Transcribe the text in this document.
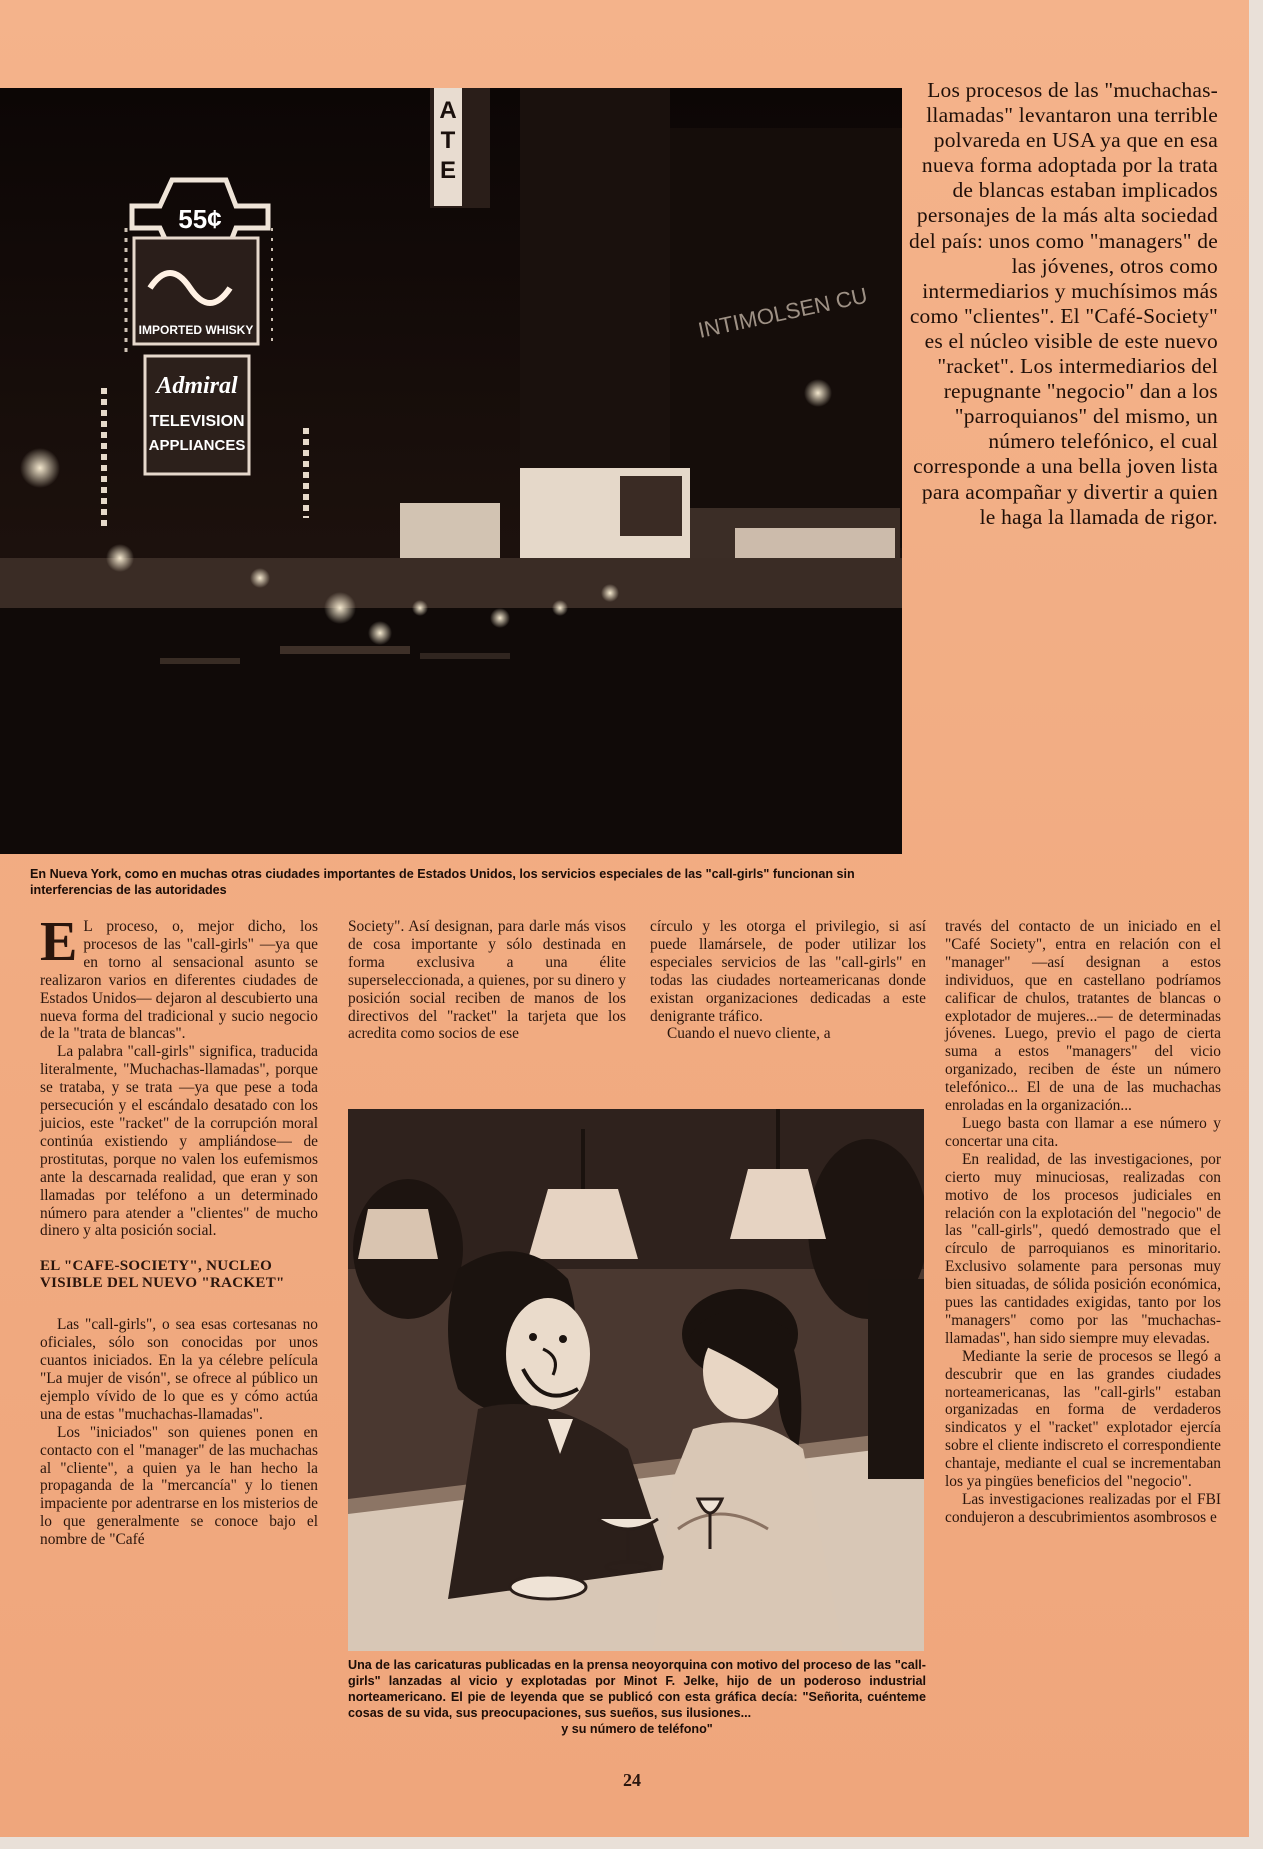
A
T
E
55¢
IMPORTED WHISKY
Admiral
TELEVISION
APPLIANCES
INTIMOLSEN CU
Los procesos de las "muchachas-llamadas" levantaron una terrible polvareda en USA ya que en esa nueva forma adoptada por la trata de blancas estaban implicados personajes de la más alta sociedad del país: unos como "managers" de las jóvenes, otros como intermediarios y muchísimos más como "clientes". El "Café-Society" es el núcleo visible de este nuevo "racket". Los intermediarios del repugnante "negocio" dan a los "parroquianos" del mismo, un número telefónico, el cual corresponde a una bella joven lista para acompañar y divertir a quien le haga la llamada de rigor.
En Nueva York, como en muchas otras ciudades importantes de Estados Unidos, los servicios especiales de las "call-girls" funcionan sin interferencias de las autoridades

E L proceso, o, mejor dicho, los procesos de las "call-girls" —ya que en torno al sensacional asunto se realizaron varios en diferentes ciudades de Estados Unidos— dejaron al descubierto una nueva forma del tradicional y sucio negocio de la "trata de blancas".

La palabra "call-girls" significa, traducida literalmente, "Muchachas-llamadas", porque se trataba, y se trata —ya que pese a toda persecución y el escándalo desatado con los juicios, este "racket" de la corrupción moral continúa existiendo y ampliándose— de prostitutas, porque no valen los eufemismos ante la descarnada realidad, que eran y son llamadas por teléfono a un determinado número para atender a "clientes" de mucho dinero y alta posición social.

EL "CAFE-SOCIETY", NUCLEO VISIBLE DEL NUEVO "RACKET"

Las "call-girls", o sea esas cortesanas no oficiales, sólo son conocidas por unos cuantos iniciados. En la ya célebre película "La mujer de visón", se ofrece al público un ejemplo vívido de lo que es y cómo actúa una de estas "muchachas-llamadas".

Los "iniciados" son quienes ponen en contacto con el "manager" de las muchachas al "cliente", a quien ya le han hecho la propaganda de la "mercancía" y lo tienen impaciente por adentrarse en los misterios de lo que generalmente se conoce bajo el nombre de "Café

Society". Así designan, para darle más visos de cosa importante y sólo destinada en forma exclusiva a una élite superseleccionada, a quienes, por su dinero y posición social reciben de manos de los directivos del "racket" la tarjeta que los acredita como socios de ese

círculo y les otorga el privilegio, si así puede llamársele, de poder utilizar los especiales servicios de las "call-girls" en todas las ciudades norteamericanas donde existan organizaciones dedicadas a este denigrante tráfico.

Cuando el nuevo cliente, a

través del contacto de un iniciado en el "Café Society", entra en relación con el "manager" —así designan a estos individuos, que en castellano podríamos calificar de chulos, tratantes de blancas o explotador de mujeres...— de determinadas jóvenes. Luego, previo el pago de cierta suma a estos "managers" del vicio organizado, reciben de éste un número telefónico... El de una de las muchachas enroladas en la organización...

Luego basta con llamar a ese número y concertar una cita.

En realidad, de las investigaciones, por cierto muy minuciosas, realizadas con motivo de los procesos judiciales en relación con la explotación del "negocio" de las "call-girls", quedó demostrado que el círculo de parroquianos es minoritario. Exclusivo solamente para personas muy bien situadas, de sólida posición económica, pues las cantidades exigidas, tanto por los "managers" como por las "muchachas-llamadas", han sido siempre muy elevadas.

Mediante la serie de procesos se llegó a descubrir que en las grandes ciudades norteamericanas, las "call-girls" estaban organizadas en forma de verdaderos sindicatos y el "racket" explotador ejercía sobre el cliente indiscreto el correspondiente chantaje, mediante el cual se incrementaban los ya pingües beneficios del "negocio".

Las investigaciones realizadas por el FBI condujeron a descubrimientos asombrosos e

Una de las caricaturas publicadas en la prensa neoyorquina con motivo del proceso de las "call-girls" lanzadas al vicio y explotadas por Minot F. Jelke, hijo de un poderoso industrial norteamericano. El pie de leyenda que se publicó con esta gráfica decía: "Señorita, cuénteme cosas de su vida, sus preocupaciones, sus sueños, sus ilusiones...
y su número de teléfono"
24
